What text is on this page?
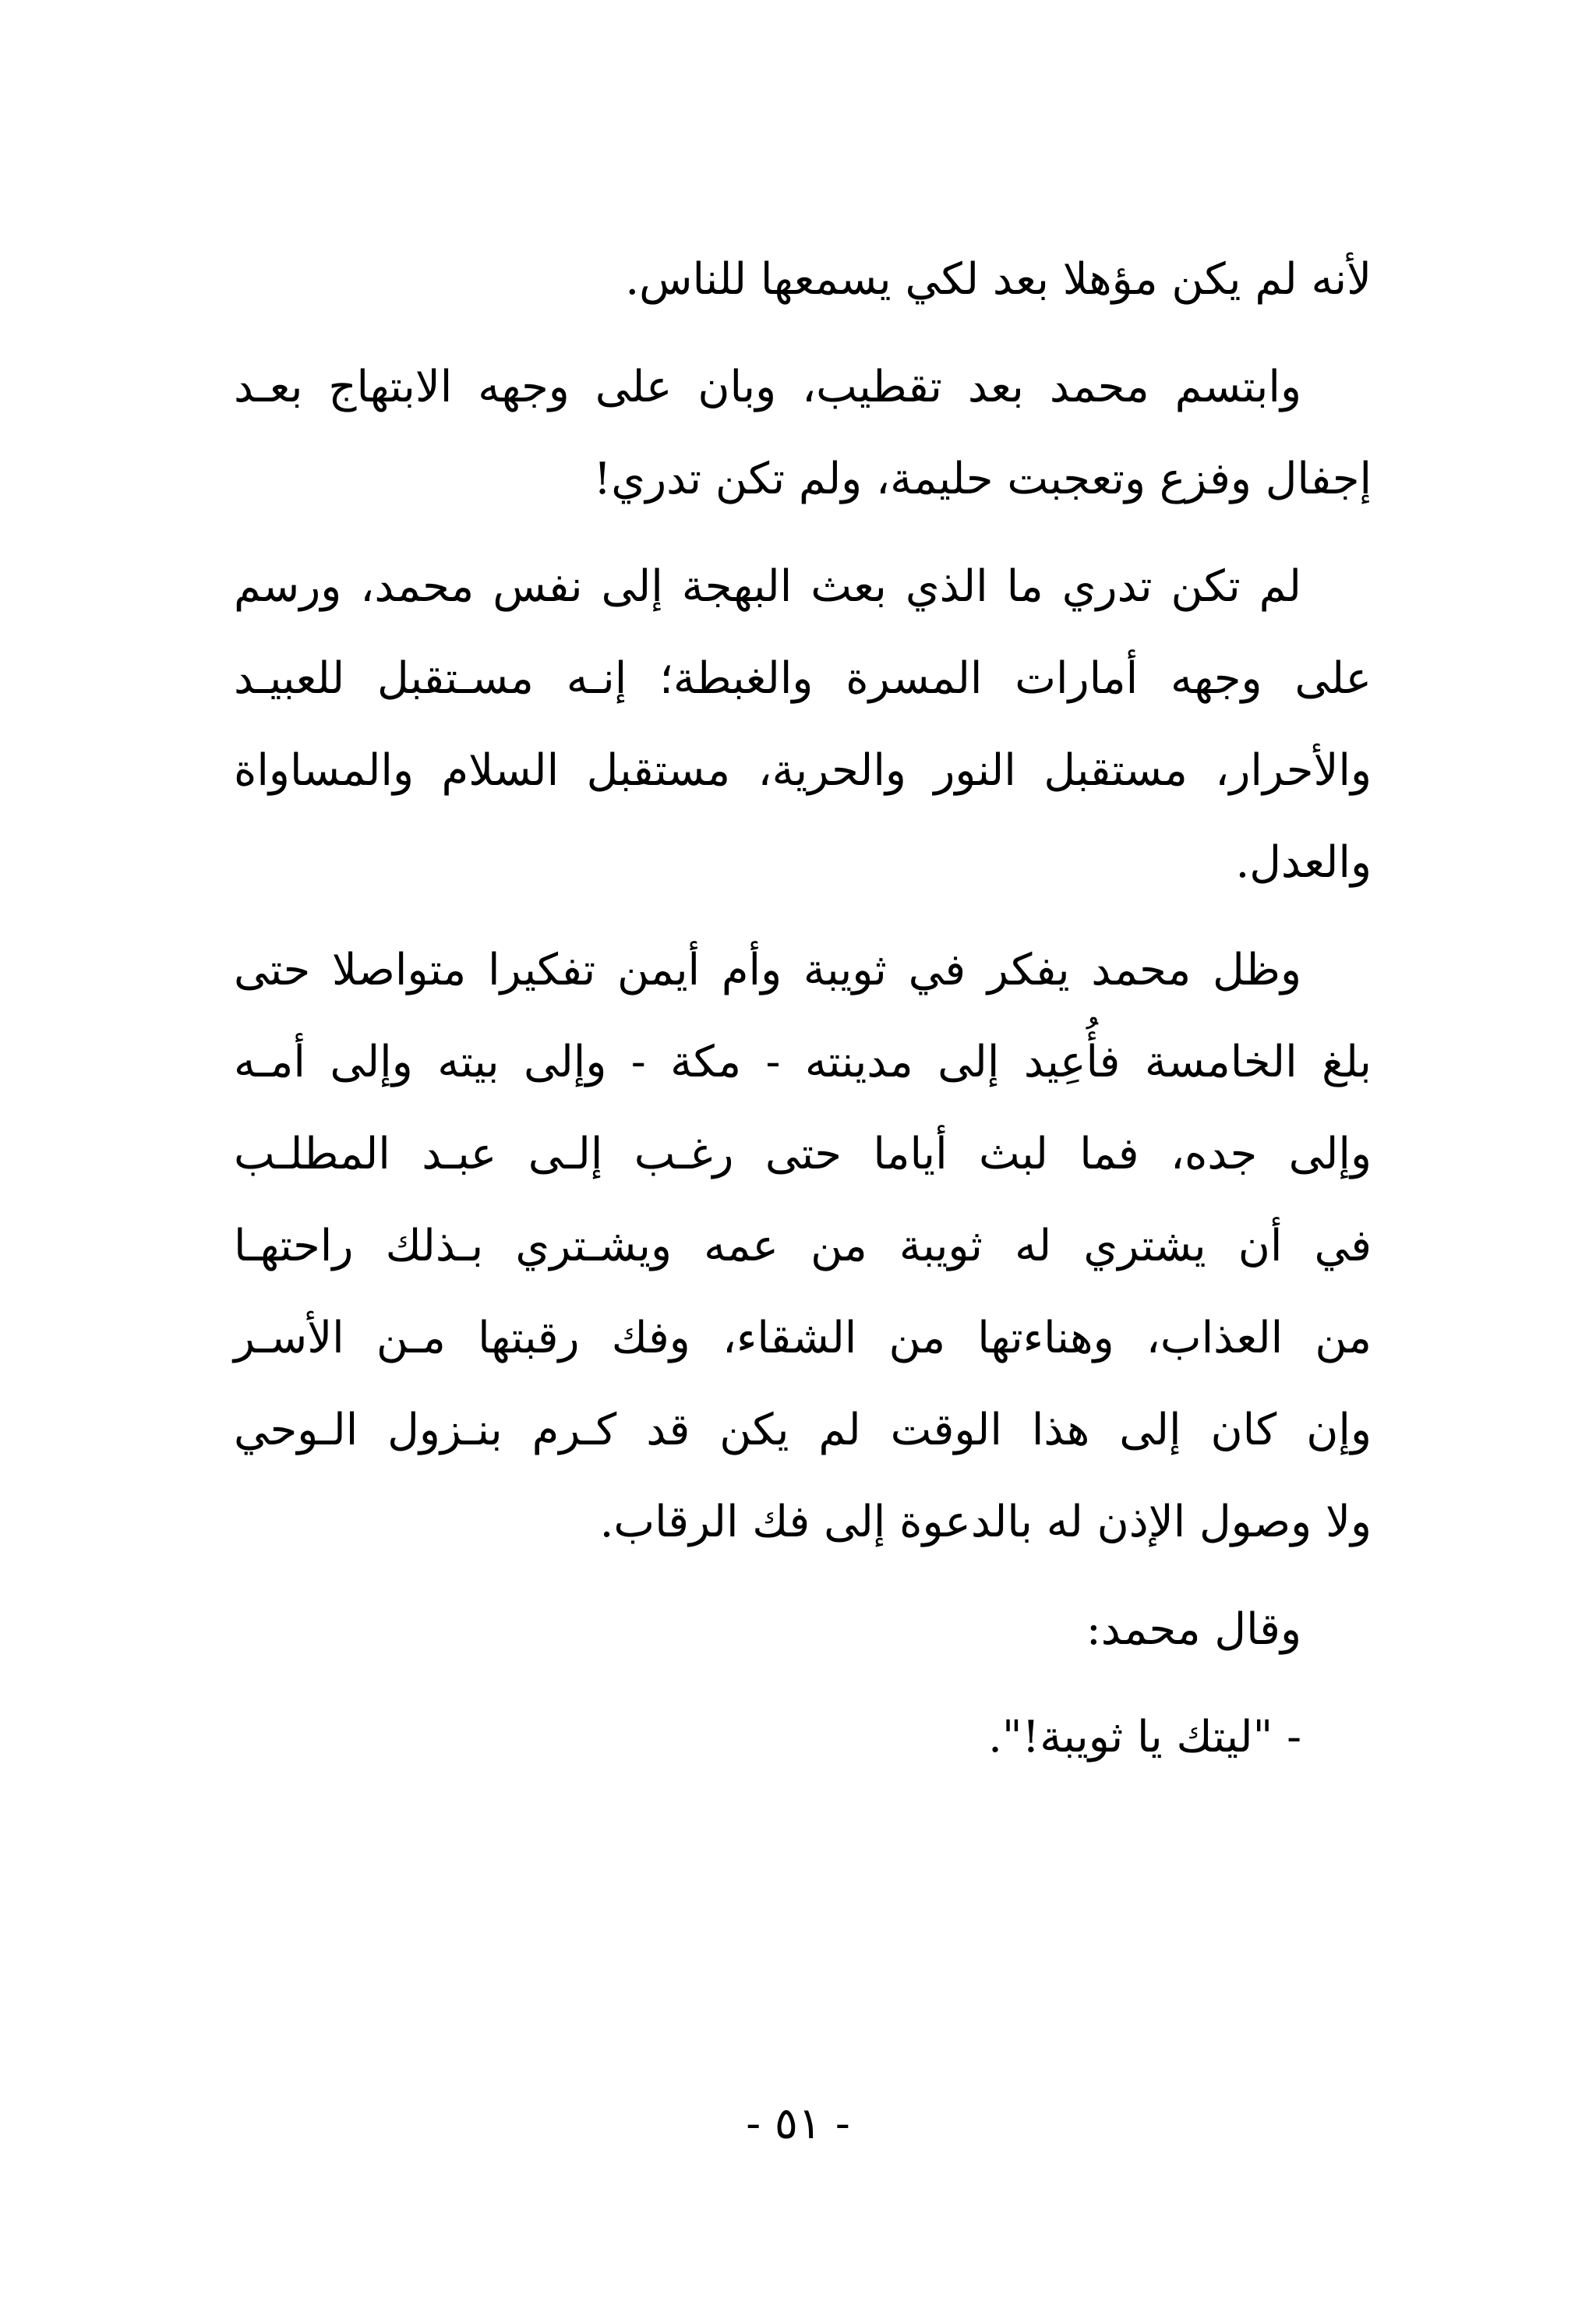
لأنه لم يكن مؤهلا بعد لكي يسمعها للناس.

وابتسم محمد بعد تقطيب، وبان على وجهه الابتهاج بعـد
إجفال وفزع وتعجبت حليمة، ولم تكن تدري!

لم تكن تدري ما الذي بعث البهجة إلى نفس محمد، ورسم
على وجهه أمارات المسرة والغبطة؛ إنـه مسـتقبل للعبيـد
والأحرار، مستقبل النور والحرية، مستقبل السلام والمساواة
والعدل.

وظل محمد يفكر في ثويبة وأم أيمن تفكيرا متواصلا حتى
بلغ الخامسة فأُعِيد إلى مدينته - مكة - وإلى بيته وإلى أمـه
وإلى جده، فما لبث أياما حتى رغـب إلـى عبـد المطلـب
في أن يشتري له ثويبة من عمه ويشـتري بـذلك راحتهـا
من العذاب، وهناءتها من الشقاء، وفك رقبتها مـن الأسـر
وإن كان إلى هذا الوقت لم يكن قد كـرم بنـزول الـوحي
ولا وصول الإذن له بالدعوة إلى فك الرقاب.

وقال محمد:

- "ليتك يا ثويبة!".

- ٥١ -
